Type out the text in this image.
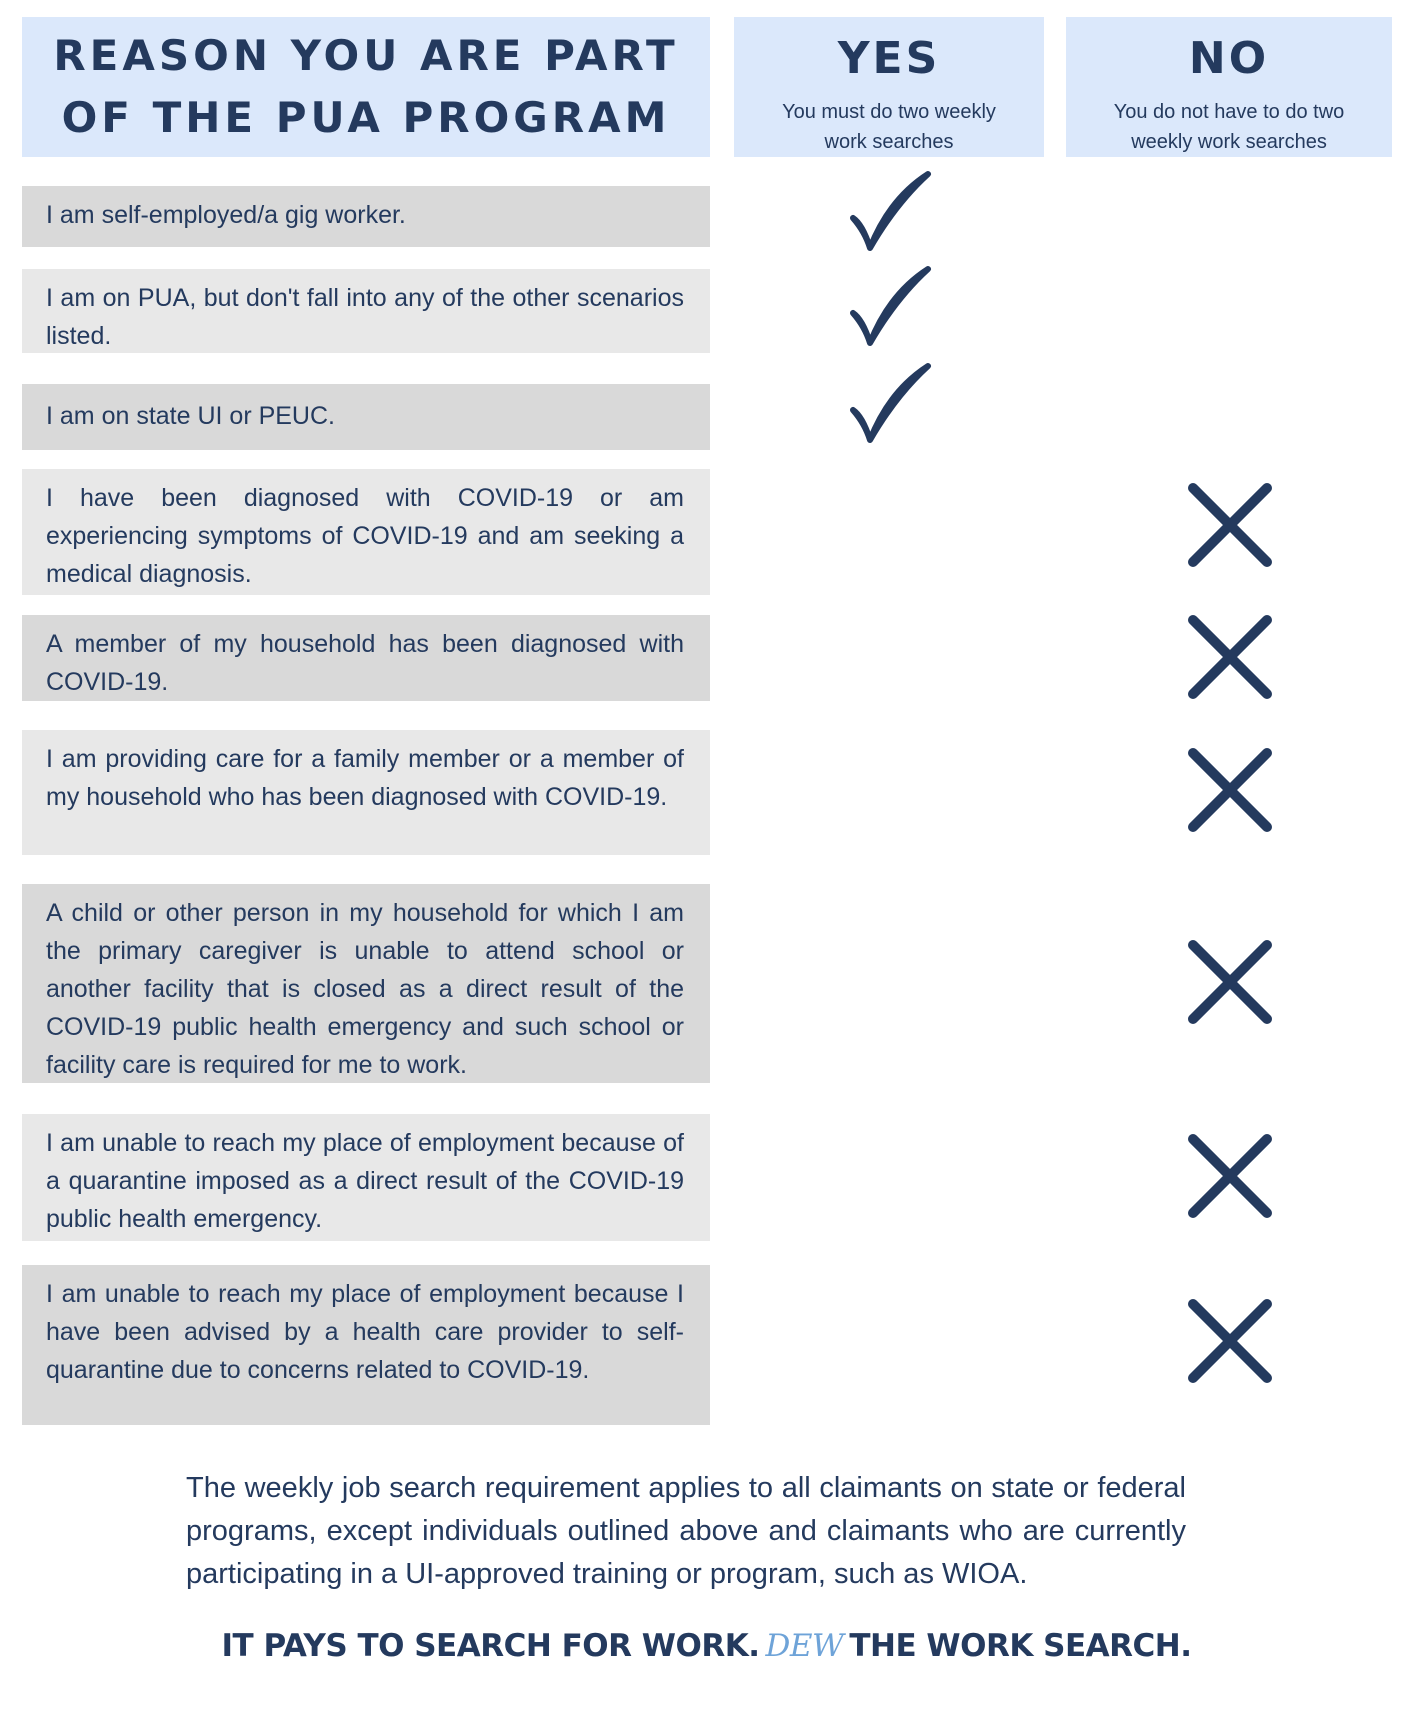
REASON YOU ARE PART
OF THE PUA PROGRAM
YES
You must do two weekly
work searches
NO
You do not have to do two
weekly work searches
I am self-employed/a gig worker.
I am on PUA, but don't fall into any of the other scenarios listed.
I am on state UI or PEUC.
I have been diagnosed with COVID-19 or am experiencing symptoms of COVID-19 and am seeking a medical diagnosis.
A member of my household has been diagnosed with COVID-19.
I am providing care for a family member or a member of my household who has been diagnosed with COVID-19.
A child or other person in my household for which I am the primary caregiver is unable to attend school or another facility that is closed as a direct result of the COVID-19 public health emergency and such school or facility care is required for me to work.
I am unable to reach my place of employment because of a quarantine imposed as a direct result of the COVID-19 public health emergency.
I am unable to reach my place of employment because I have been advised by a health care provider to self-quarantine due to concerns related to COVID-19.
The weekly job search requirement applies to all claimants on state or federal programs, except individuals outlined above and claimants who are currently participating in a UI-approved training or program, such as WIOA.
IT PAYS TO SEARCH FOR WORK. DEW THE WORK SEARCH.
